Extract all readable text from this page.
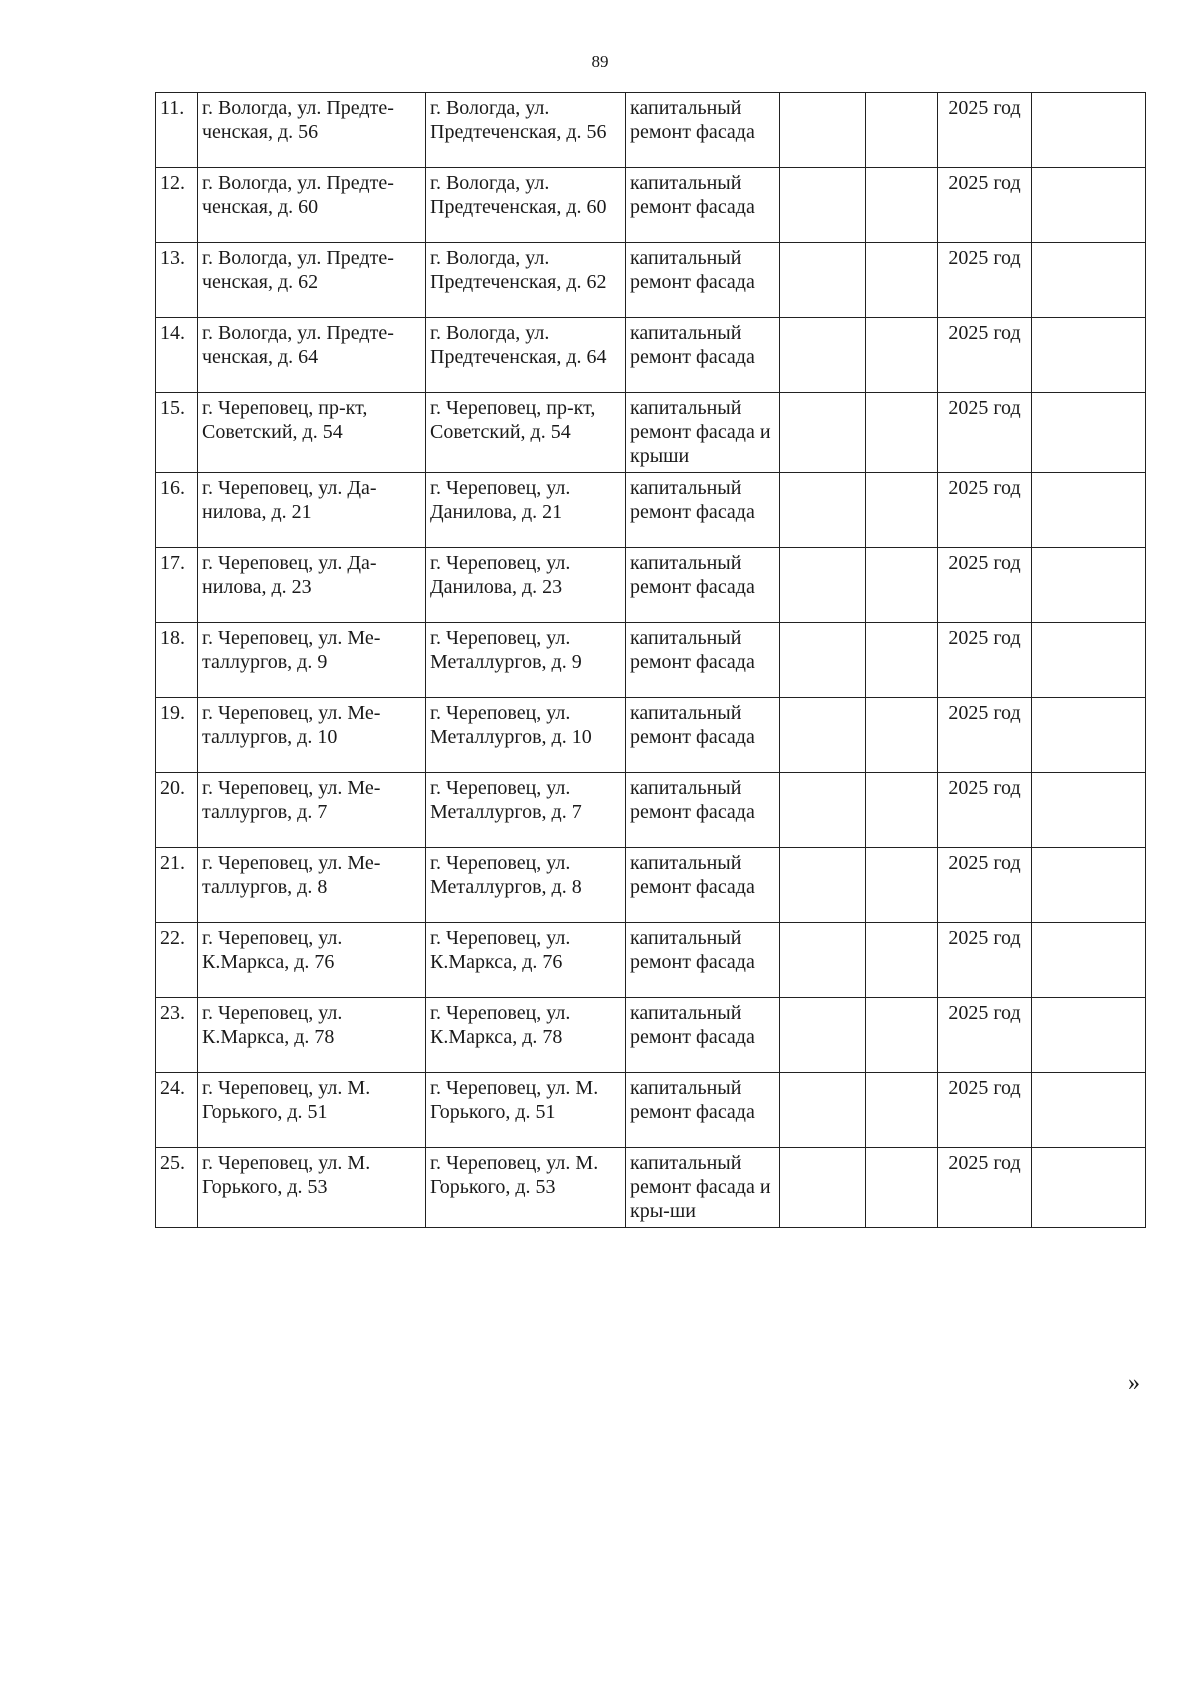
89
11.	г. Вологда, ул. Предте-ченская, д. 56	г. Вологда, ул. Предтеченская, д. 56	капитальный ремонт фасада			2025 год	
12.	г. Вологда, ул. Предте-ченская, д. 60	г. Вологда, ул. Предтеченская, д. 60	капитальный ремонт фасада			2025 год	
13.	г. Вологда, ул. Предте-ченская, д. 62	г. Вологда, ул. Предтеченская, д. 62	капитальный ремонт фасада			2025 год	
14.	г. Вологда, ул. Предте-ченская, д. 64	г. Вологда, ул. Предтеченская, д. 64	капитальный ремонт фасада			2025 год	
15.	г. Череповец, пр-кт, Советский, д. 54	г. Череповец, пр-кт, Советский, д. 54	капитальный ремонт фасада и крыши			2025 год	
16.	г. Череповец, ул. Да-нилова, д. 21	г. Череповец, ул. Данилова, д. 21	капитальный ремонт фасада			2025 год	
17.	г. Череповец, ул. Да-нилова, д. 23	г. Череповец, ул. Данилова, д. 23	капитальный ремонт фасада			2025 год	
18.	г. Череповец, ул. Ме-таллургов, д. 9	г. Череповец, ул. Металлургов, д. 9	капитальный ремонт фасада			2025 год	
19.	г. Череповец, ул. Ме-таллургов, д. 10	г. Череповец, ул. Металлургов, д. 10	капитальный ремонт фасада			2025 год	
20.	г. Череповец, ул. Ме-таллургов, д. 7	г. Череповец, ул. Металлургов, д. 7	капитальный ремонт фасада			2025 год	
21.	г. Череповец, ул. Ме-таллургов, д. 8	г. Череповец, ул. Металлургов, д. 8	капитальный ремонт фасада			2025 год	
22.	г. Череповец, ул. К.Маркса, д. 76	г. Череповец, ул. К.Маркса, д. 76	капитальный ремонт фасада			2025 год	
23.	г. Череповец, ул. К.Маркса, д. 78	г. Череповец, ул. К.Маркса, д. 78	капитальный ремонт фасада			2025 год	
24.	г. Череповец, ул. М. Горького, д. 51	г. Череповец, ул. М. Горького, д. 51	капитальный ремонт фасада			2025 год	
25.	г. Череповец, ул. М. Горького, д. 53	г. Череповец, ул. М. Горького, д. 53	капитальный ремонт фасада и кры-ши			2025 год	
»
